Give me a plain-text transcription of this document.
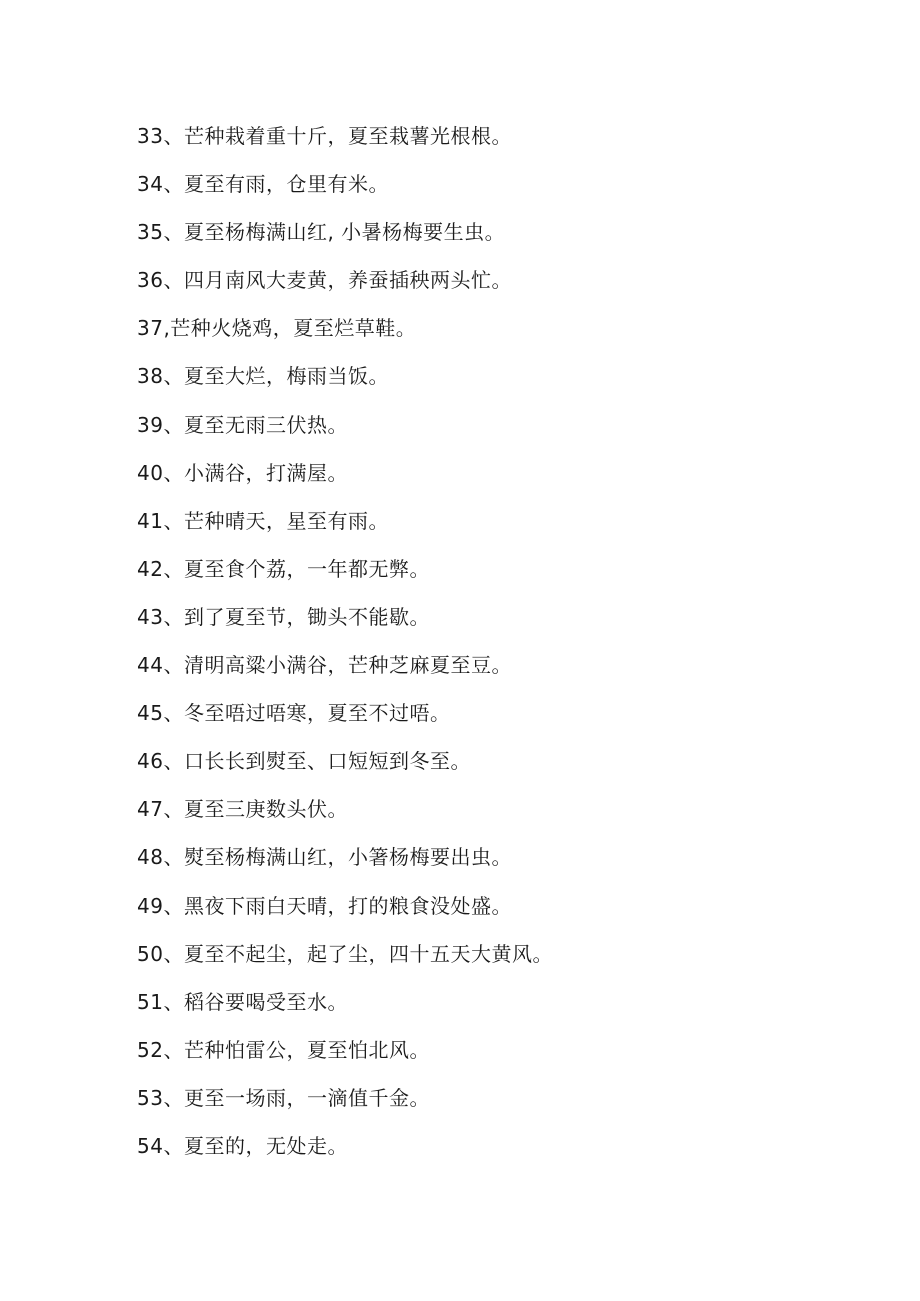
33、芒种栽着重十斤，夏至栽薯光根根。
34、夏至有雨，仓里有米。
35、夏至杨梅满山红, 小暑杨梅要生虫。
36、四月南风大麦黄，养蚕插秧两头忙。
37,芒种火烧鸡，夏至烂草鞋。
38、夏至大烂，梅雨当饭。
39、夏至无雨三伏热。
40、小满谷，打满屋。
41、芒种晴天，星至有雨。
42、夏至食个荔，一年都无弊。
43、到了夏至节，锄头不能歇。
44、清明高粱小满谷，芒种芝麻夏至豆。
45、冬至唔过唔寒，夏至不过唔。
46、口长长到熨至、口短短到冬至。
47、夏至三庚数头伏。
48、熨至杨梅满山红，小箸杨梅要出虫。
49、黑夜下雨白天晴，打的粮食没处盛。
50、夏至不起尘，起了尘，四十五天大黄风。
51、稻谷要喝受至水。
52、芒种怕雷公，夏至怕北风。
53、更至一场雨，一滴值千金。
54、夏至的，无处走。
